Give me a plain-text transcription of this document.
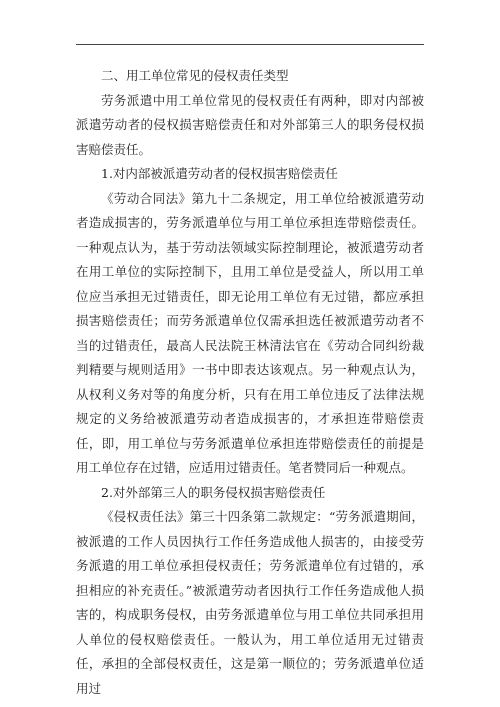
二、用工单位常见的侵权责任类型

劳务派遣中用工单位常见的侵权责任有两种，即对内部被派遣劳动者的侵权损害赔偿责任和对外部第三人的职务侵权损害赔偿责任。

1.对内部被派遣劳动者的侵权损害赔偿责任

《劳动合同法》第九十二条规定，用工单位给被派遣劳动者造成损害的，劳务派遣单位与用工单位承担连带赔偿责任。一种观点认为，基于劳动法领域实际控制理论，被派遣劳动者在用工单位的实际控制下，且用工单位是受益人，所以用工单位应当承担无过错责任，即无论用工单位有无过错，都应承担损害赔偿责任；而劳务派遣单位仅需承担选任被派遣劳动者不当的过错责任，最高人民法院王林清法官在《劳动合同纠纷裁判精要与规则适用》一书中即表达该观点。另一种观点认为，从权利义务对等的角度分析，只有在用工单位违反了法律法规规定的义务给被派遣劳动者造成损害的，才承担连带赔偿责任，即，用工单位与劳务派遣单位承担连带赔偿责任的前提是用工单位存在过错，应适用过错责任。笔者赞同后一种观点。

2.对外部第三人的职务侵权损害赔偿责任

《侵权责任法》第三十四条第二款规定：“劳务派遣期间，被派遣的工作人员因执行工作任务造成他人损害的，由接受劳务派遣的用工单位承担侵权责任；劳务派遣单位有过错的，承担相应的补充责任。”被派遣劳动者因执行工作任务造成他人损害的，构成职务侵权，由劳务派遣单位与用工单位共同承担用人单位的侵权赔偿责任。一般认为，用工单位适用无过错责任，承担的全部侵权责任，这是第一顺位的；劳务派遣单位适用过
